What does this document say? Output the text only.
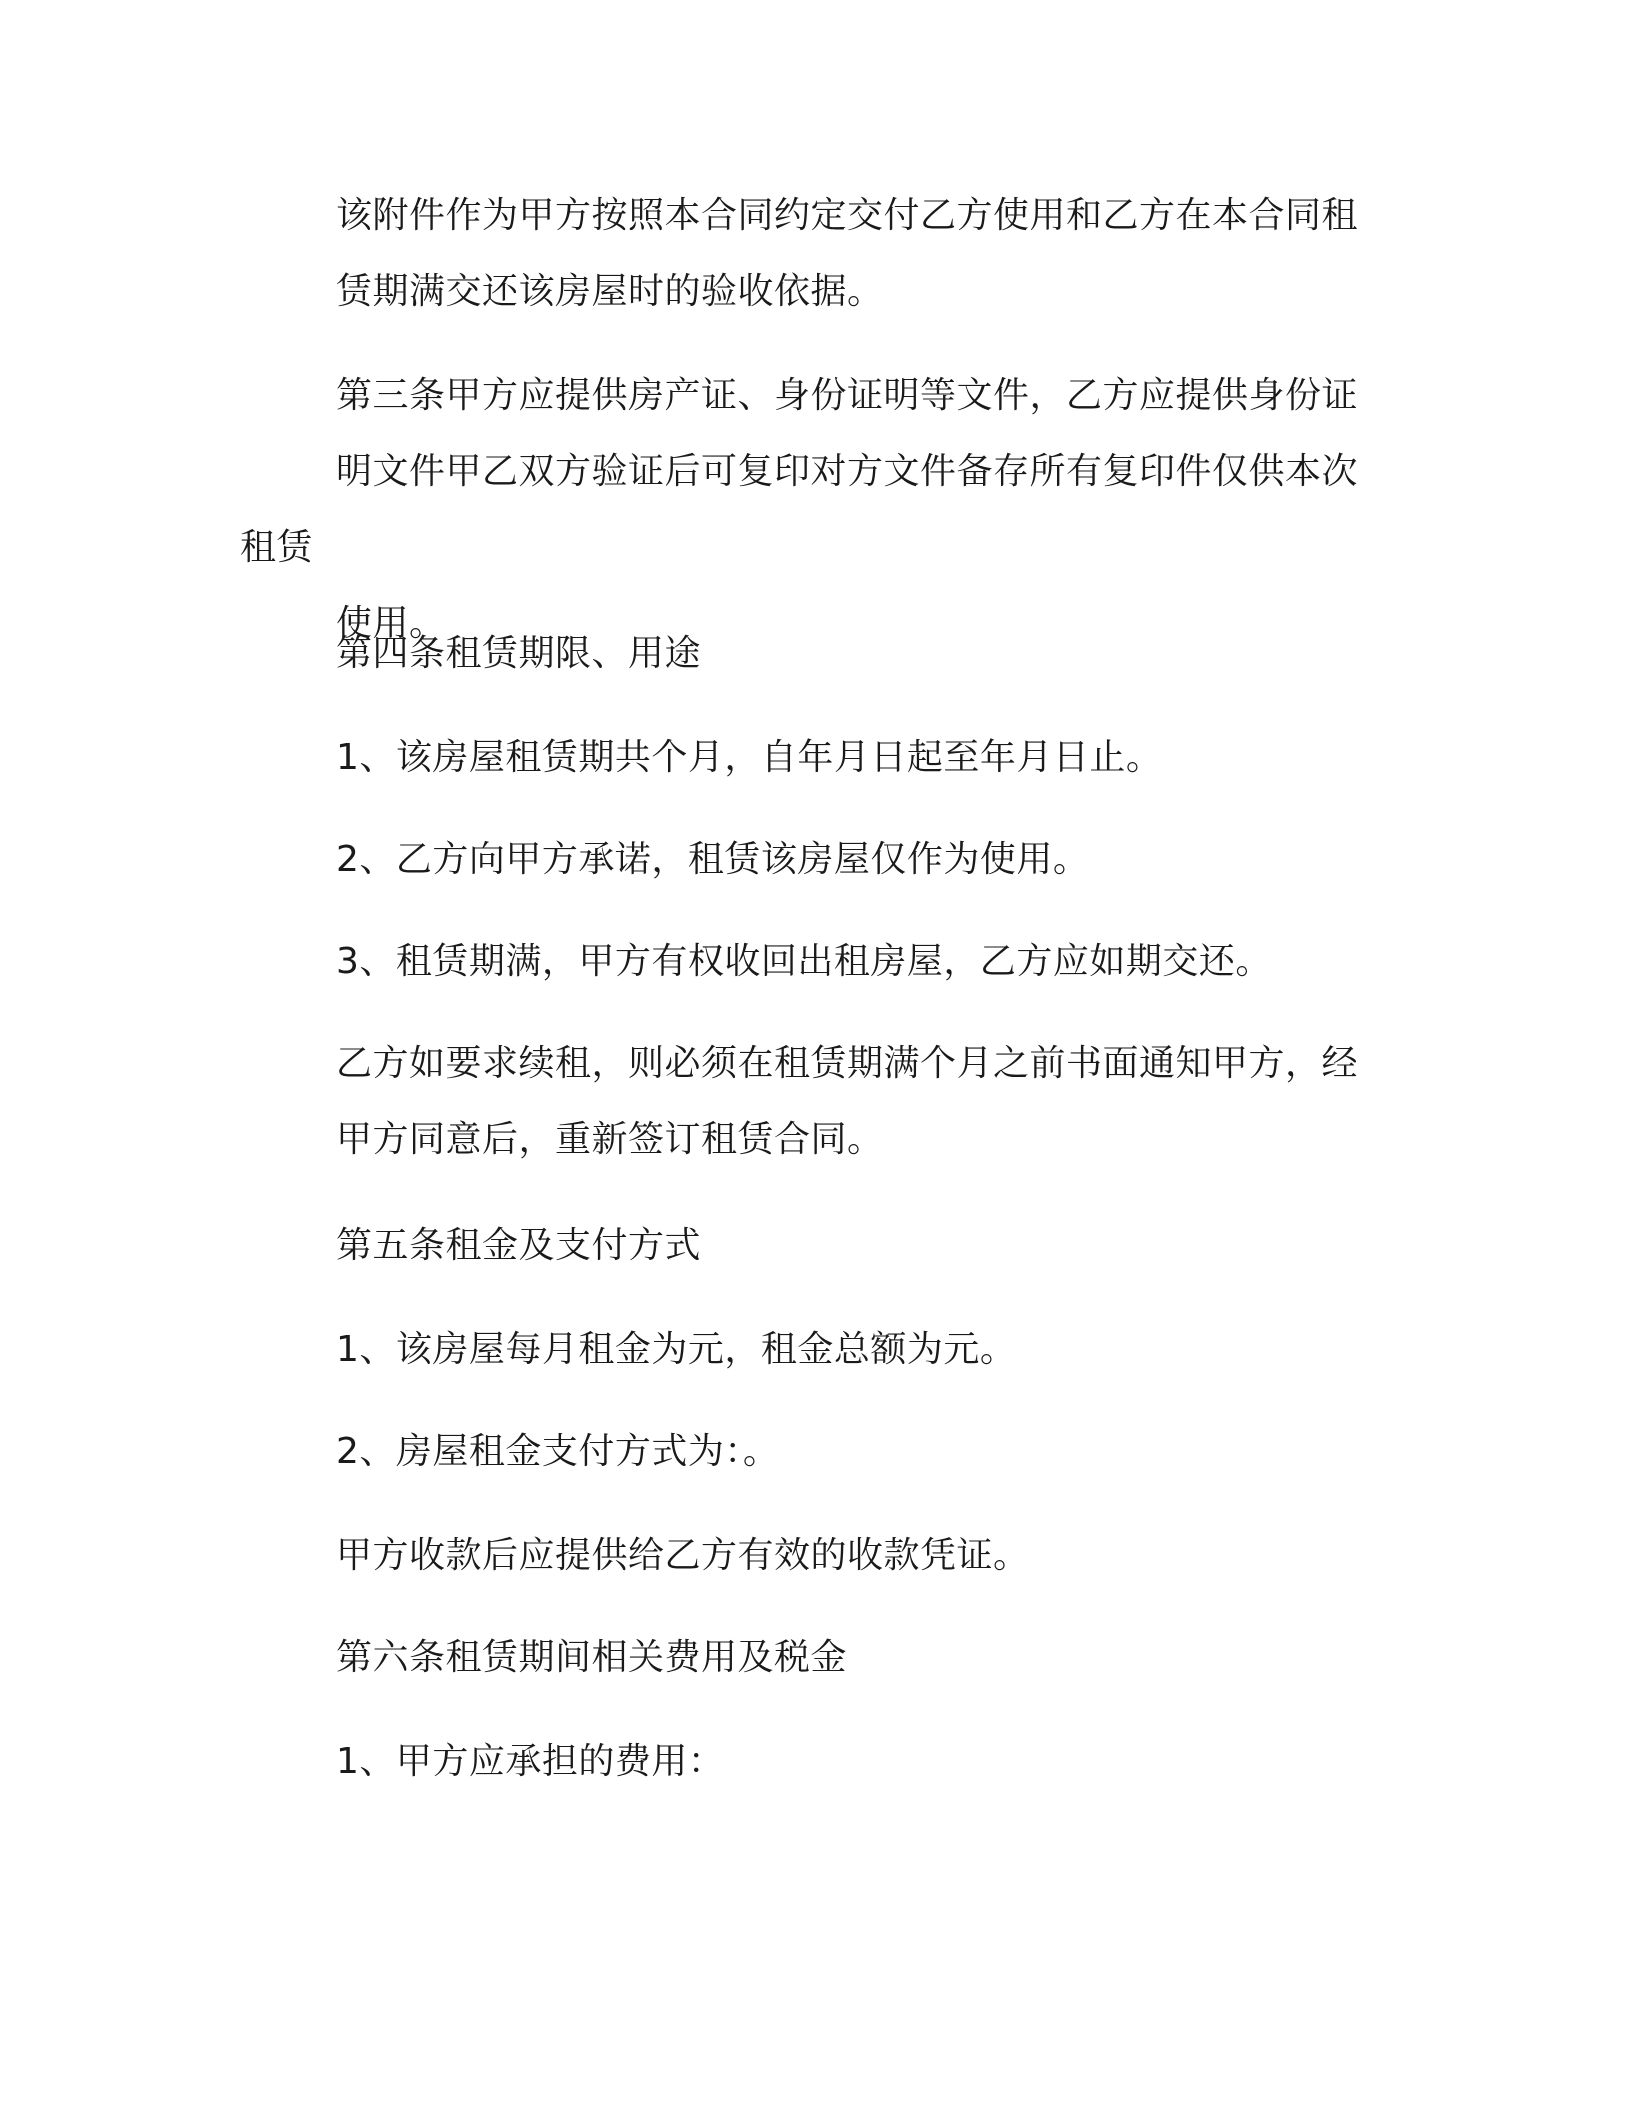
该附件作为甲方按照本合同约定交付乙方使用和乙方在本合同租
赁期满交还该房屋时的验收依据。

第三条甲方应提供房产证、身份证明等文件，乙方应提供身份证
明文件甲乙双方验证后可复印对方文件备存所有复印件仅供本次租赁
使用。

第四条租赁期限、用途

1、该房屋租赁期共个月，自年月日起至年月日止。

2、乙方向甲方承诺，租赁该房屋仅作为使用。

3、租赁期满，甲方有权收回出租房屋，乙方应如期交还。

乙方如要求续租，则必须在租赁期满个月之前书面通知甲方，经
甲方同意后，重新签订租赁合同。

第五条租金及支付方式

1、该房屋每月租金为元，租金总额为元。

2、房屋租金支付方式为：。

甲方收款后应提供给乙方有效的收款凭证。

第六条租赁期间相关费用及税金

1、甲方应承担的费用：
